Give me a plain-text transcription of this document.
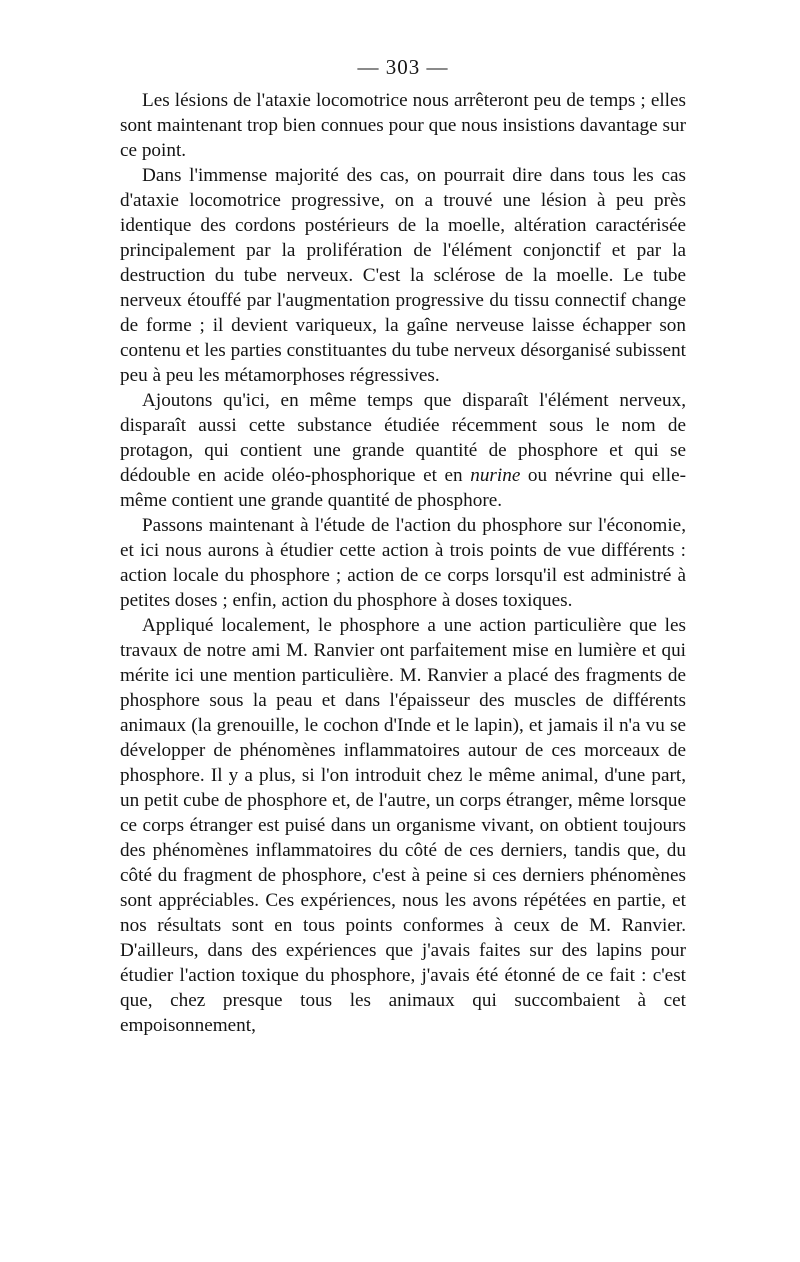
— 303 —

Les lésions de l'ataxie locomotrice nous arrêteront peu de temps ; elles sont maintenant trop bien connues pour que nous insistions davantage sur ce point.

Dans l'immense majorité des cas, on pourrait dire dans tous les cas d'ataxie locomotrice progressive, on a trouvé une lésion à peu près identique des cordons postérieurs de la moelle, altération caractérisée principalement par la prolifération de l'élément conjonctif et par la destruction du tube nerveux. C'est la sclérose de la moelle. Le tube nerveux étouffé par l'augmentation progressive du tissu connectif change de forme ; il devient variqueux, la gaîne nerveuse laisse échapper son contenu et les parties constituantes du tube nerveux désorganisé subissent peu à peu les métamorphoses régressives.

Ajoutons qu'ici, en même temps que disparaît l'élément nerveux, disparaît aussi cette substance étudiée récemment sous le nom de protagon, qui contient une grande quantité de phosphore et qui se dédouble en acide oléo-phosphorique et en nurine ou névrine qui elle-même contient une grande quantité de phosphore.

Passons maintenant à l'étude de l'action du phosphore sur l'économie, et ici nous aurons à étudier cette action à trois points de vue différents : action locale du phosphore ; action de ce corps lorsqu'il est administré à petites doses ; enfin, action du phosphore à doses toxiques.

Appliqué localement, le phosphore a une action particulière que les travaux de notre ami M. Ranvier ont parfaitement mise en lumière et qui mérite ici une mention particulière. M. Ranvier a placé des fragments de phosphore sous la peau et dans l'épaisseur des muscles de différents animaux (la grenouille, le cochon d'Inde et le lapin), et jamais il n'a vu se développer de phénomènes inflammatoires autour de ces morceaux de phosphore. Il y a plus, si l'on introduit chez le même animal, d'une part, un petit cube de phosphore et, de l'autre, un corps étranger, même lorsque ce corps étranger est puisé dans un organisme vivant, on obtient toujours des phénomènes inflammatoires du côté de ces derniers, tandis que, du côté du fragment de phosphore, c'est à peine si ces derniers phénomènes sont appréciables. Ces expériences, nous les avons répétées en partie, et nos résultats sont en tous points conformes à ceux de M. Ranvier. D'ailleurs, dans des expériences que j'avais faites sur des lapins pour étudier l'action toxique du phosphore, j'avais été étonné de ce fait : c'est que, chez presque tous les animaux qui succombaient à cet empoisonnement,
